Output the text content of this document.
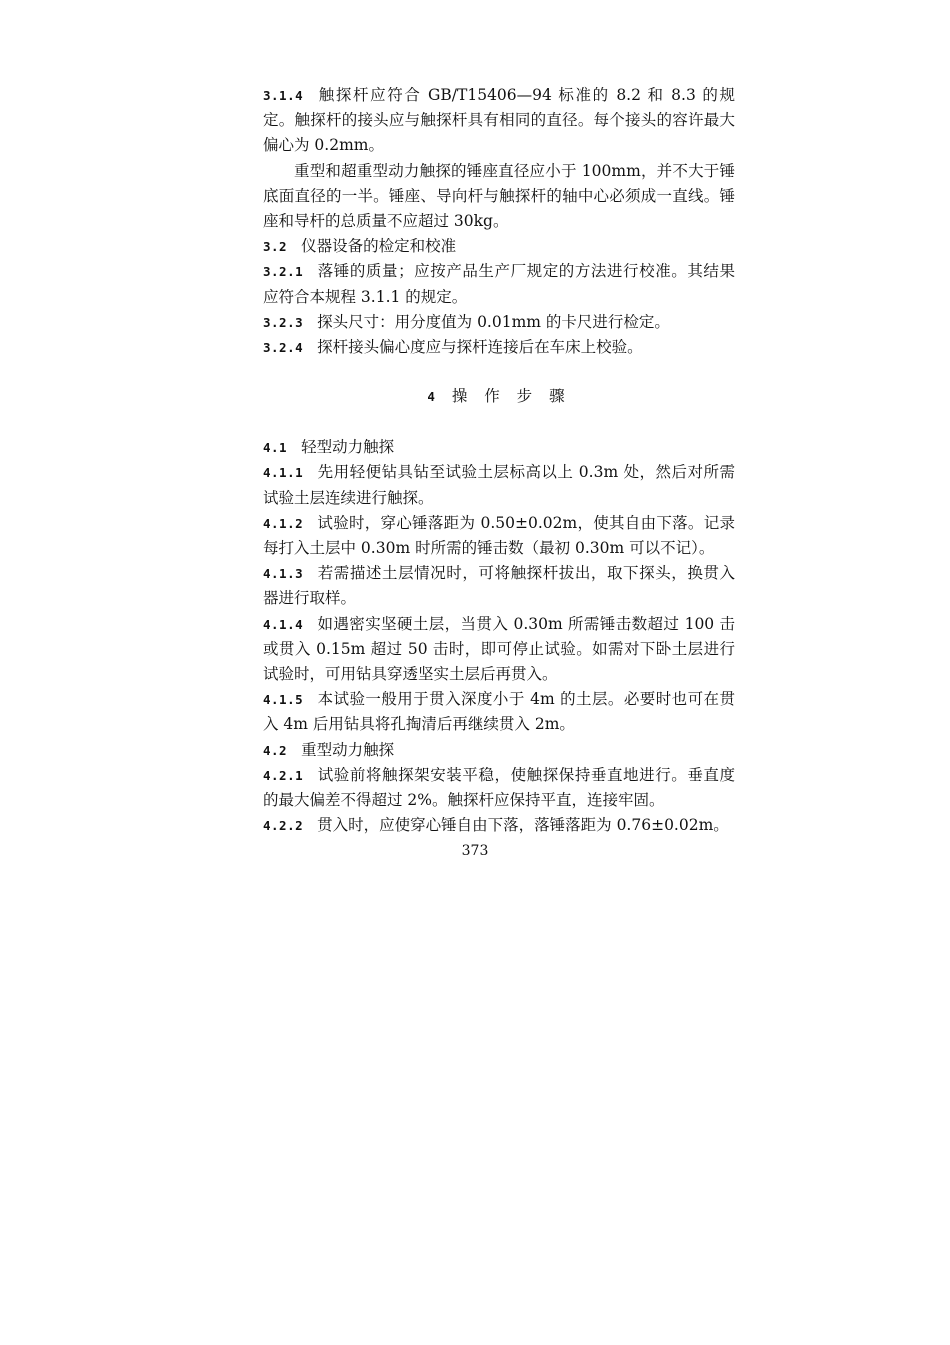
3.1.4 触探杆应符合 GB/T15406—94 标准的 8.2 和 8.3 的规定。触探杆的接头应与触探杆具有相同的直径。每个接头的容许最大偏心为 0.2mm。

重型和超重型动力触探的锤座直径应小于 100mm，并不大于锤底面直径的一半。锤座、导向杆与触探杆的轴中心必须成一直线。锤座和导杆的总质量不应超过 30kg。

3.2 仪器设备的检定和校准

3.2.1 落锤的质量；应按产品生产厂规定的方法进行校准。其结果应符合本规程 3.1.1 的规定。

3.2.3 探头尺寸：用分度值为 0.01mm 的卡尺进行检定。

3.2.4 探杆接头偏心度应与探杆连接后在车床上校验。

4 操 作 步 骤

4.1 轻型动力触探

4.1.1 先用轻便钻具钻至试验土层标高以上 0.3m 处，然后对所需试验土层连续进行触探。

4.1.2 试验时，穿心锤落距为 0.50±0.02m，使其自由下落。记录每打入土层中 0.30m 时所需的锤击数（最初 0.30m 可以不记）。

4.1.3 若需描述土层情况时，可将触探杆拔出，取下探头，换贯入器进行取样。

4.1.4 如遇密实坚硬土层，当贯入 0.30m 所需锤击数超过 100 击或贯入 0.15m 超过 50 击时，即可停止试验。如需对下卧土层进行试验时，可用钻具穿透坚实土层后再贯入。

4.1.5 本试验一般用于贯入深度小于 4m 的土层。必要时也可在贯入 4m 后用钻具将孔掏清后再继续贯入 2m。

4.2 重型动力触探

4.2.1 试验前将触探架安装平稳，使触探保持垂直地进行。垂直度的最大偏差不得超过 2%。触探杆应保持平直，连接牢固。

4.2.2 贯入时，应使穿心锤自由下落，落锤落距为 0.76±0.02m。

373
